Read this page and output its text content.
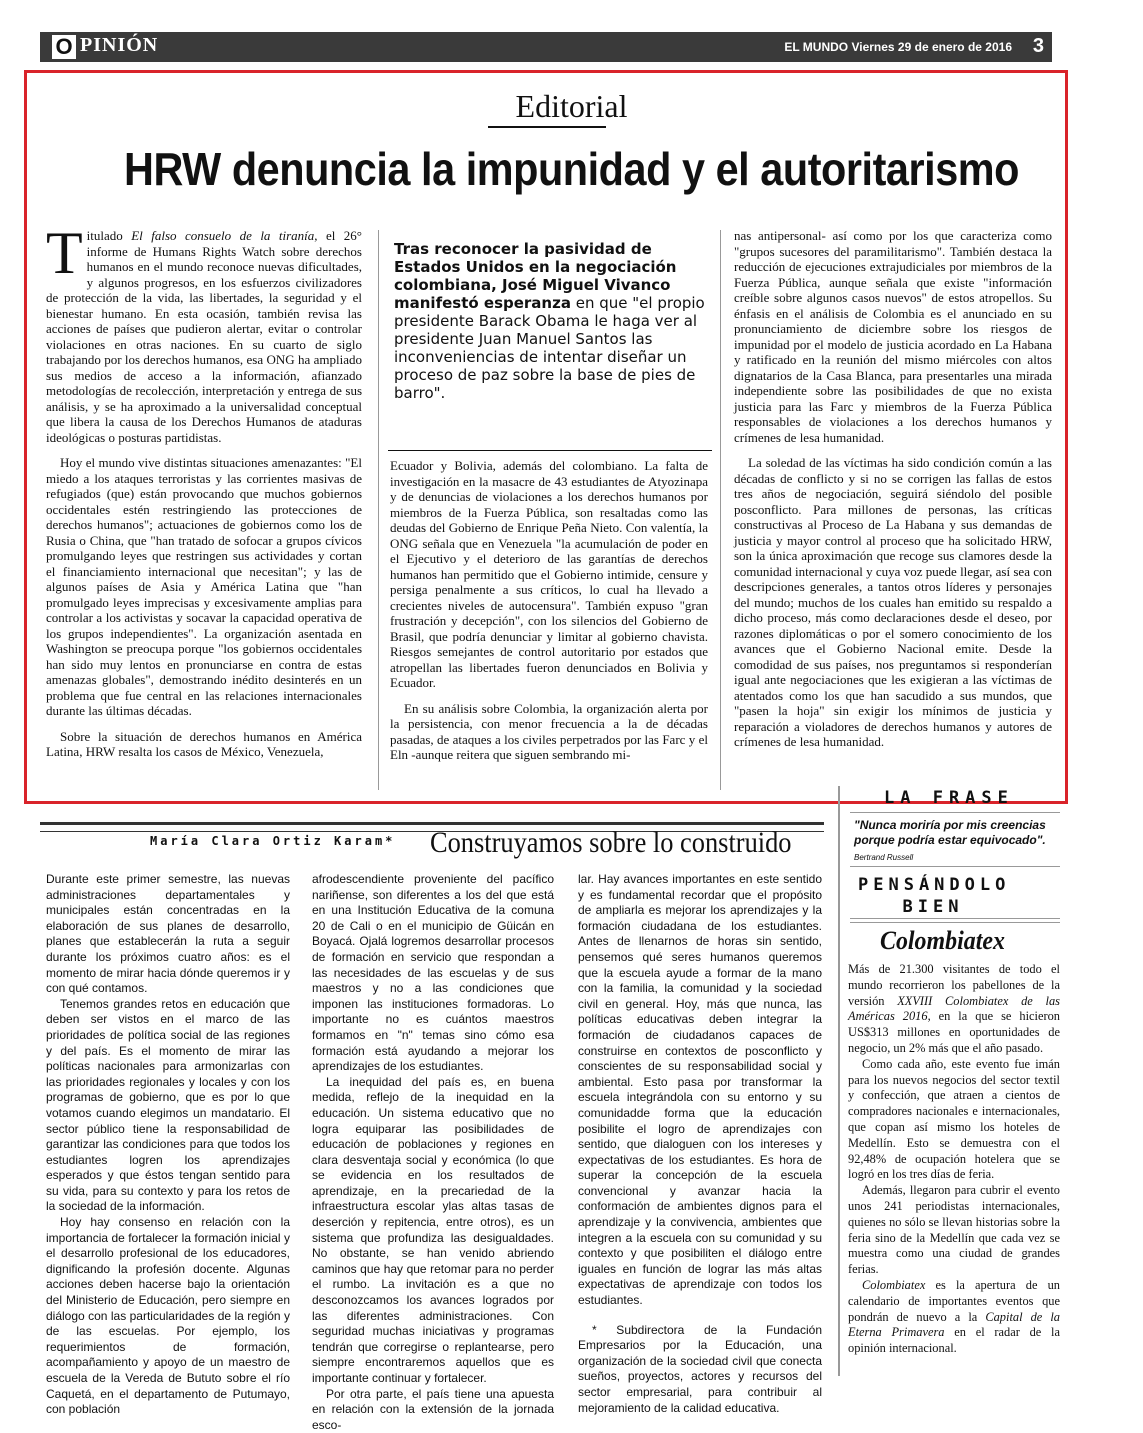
O PINIÓN	EL MUNDO Viernes 29 de enero de 2016 3
Editorial
HRW denuncia la impunidad y el autoritarismo

Titulado El falso consuelo de la tiranía, el 26° informe de Humans Rights Watch sobre derechos humanos en el mundo reconoce nuevas dificultades, y algunos progresos, en los esfuerzos civilizadores de protección de la vida, las libertades, la seguridad y el bienestar humano. En esta ocasión, también revisa las acciones de países que pudieron alertar, evitar o controlar violaciones en otras naciones. En su cuarto de siglo trabajando por los derechos humanos, esa ONG ha ampliado sus medios de acceso a la información, afianzado metodologías de recolección, interpretación y entrega de sus análisis, y se ha aproximado a la universalidad conceptual que libera la causa de los Derechos Humanos de ataduras ideológicas o posturas partidistas.

Hoy el mundo vive distintas situaciones amenazantes: "El miedo a los ataques terroristas y las corrientes masivas de refugiados (que) están provocando que muchos gobiernos occidentales estén restringiendo las protecciones de derechos humanos"; actuaciones de gobiernos como los de Rusia o China, que "han tratado de sofocar a grupos cívicos promulgando leyes que restringen sus actividades y cortan el financiamiento internacional que necesitan"; y las de algunos países de Asia y América Latina que "han promulgado leyes imprecisas y excesivamente amplias para controlar a los activistas y socavar la capacidad operativa de los grupos independientes". La organización asentada en Washington se preocupa porque "los gobiernos occidentales han sido muy lentos en pronunciarse en contra de estas amenazas globales", demostrando inédito desinterés en un problema que fue central en las relaciones internacionales durante las últimas décadas.

Sobre la situación de derechos humanos en América Latina, HRW resalta los casos de México, Venezuela,

Tras reconocer la pasividad de Estados Unidos en la negociación colombiana, José Miguel Vivanco manifestó esperanza en que "el propio presidente Barack Obama le haga ver al presidente Juan Manuel Santos las inconveniencias de intentar diseñar un proceso de paz sobre la base de pies de barro".

Ecuador y Bolivia, además del colombiano. La falta de investigación en la masacre de 43 estudiantes de Atyozinapa y de denuncias de violaciones a los derechos humanos por miembros de la Fuerza Pública, son resaltadas como las deudas del Gobierno de Enrique Peña Nieto. Con valentía, la ONG señala que en Venezuela "la acumulación de poder en el Ejecutivo y el deterioro de las garantías de derechos humanos han permitido que el Gobierno intimide, censure y persiga penalmente a sus críticos, lo cual ha llevado a crecientes niveles de autocensura". También expuso "gran frustración y decepción", con los silencios del Gobierno de Brasil, que podría denunciar y limitar al gobierno chavista. Riesgos semejantes de control autoritario por estados que atropellan las libertades fueron denunciados en Bolivia y Ecuador.

En su análisis sobre Colombia, la organización alerta por la persistencia, con menor frecuencia a la de décadas pasadas, de ataques a los civiles perpetrados por las Farc y el Eln -aunque reitera que siguen sembrando mi-

nas antipersonal- así como por los que caracteriza como "grupos sucesores del paramilitarismo". También destaca la reducción de ejecuciones extrajudiciales por miembros de la Fuerza Pública, aunque señala que existe "información creíble sobre algunos casos nuevos" de estos atropellos. Su énfasis en el análisis de Colombia es el anunciado en su pronunciamiento de diciembre sobre los riesgos de impunidad por el modelo de justicia acordado en La Habana y ratificado en la reunión del mismo miércoles con altos dignatarios de la Casa Blanca, para presentarles una mirada independiente sobre las posibilidades de que no exista justicia para las Farc y miembros de la Fuerza Pública responsables de violaciones a los derechos humanos y crímenes de lesa humanidad.

La soledad de las víctimas ha sido condición común a las décadas de conflicto y si no se corrigen las fallas de estos tres años de negociación, seguirá siéndolo del posible posconflicto. Para millones de personas, las críticas constructivas al Proceso de La Habana y sus demandas de justicia y mayor control al proceso que ha solicitado HRW, son la única aproximación que recoge sus clamores desde la comunidad internacional y cuya voz puede llegar, así sea con descripciones generales, a tantos otros líderes y personajes del mundo; muchos de los cuales han emitido su respaldo a dicho proceso, más como declaraciones desde el deseo, por razones diplomáticas o por el somero conocimiento de los avances que el Gobierno Nacional emite. Desde la comodidad de sus países, nos preguntamos si responderían igual ante negociaciones que les exigieran a las víctimas de atentados como los que han sacudido a sus mundos, que "pasen la hoja" sin exigir los mínimos de justicia y reparación a violadores de derechos humanos y autores de crímenes de lesa humanidad.

María Clara Ortiz Karam* Construyamos sobre lo construido

Durante este primer semestre, las nuevas administraciones departamentales y municipales están concentradas en la elaboración de sus planes de desarrollo, planes que establecerán la ruta a seguir durante los próximos cuatro años: es el momento de mirar hacia dónde queremos ir y con qué contamos.

Tenemos grandes retos en educación que deben ser vistos en el marco de las prioridades de política social de las regiones y del país. Es el momento de mirar las políticas nacionales para armonizarlas con las prioridades regionales y locales y con los programas de gobierno, que es por lo que votamos cuando elegimos un mandatario. El sector público tiene la responsabilidad de garantizar las condiciones para que todos los estudiantes logren los aprendizajes esperados y que éstos tengan sentido para su vida, para su contexto y para los retos de la sociedad de la información.

Hoy hay consenso en relación con la importancia de fortalecer la formación inicial y el desarrollo profesional de los educadores, dignificando la profesión docente. Algunas acciones deben hacerse bajo la orientación del Ministerio de Educación, pero siempre en diálogo con las particularidades de la región y de las escuelas. Por ejemplo, los requerimientos de formación, acompañamiento y apoyo de un maestro de escuela de la Vereda de Bututo sobre el río Caquetá, en el departamento de Putumayo, con población

afrodescendiente proveniente del pacífico nariñense, son diferentes a los del que está en una Institución Educativa de la comuna 20 de Cali o en el municipio de Güicán en Boyacá. Ojalá logremos desarrollar procesos de formación en servicio que respondan a las necesidades de las escuelas y de sus maestros y no a las condiciones que imponen las instituciones formadoras. Lo importante no es cuántos maestros formamos en "n" temas sino cómo esa formación está ayudando a mejorar los aprendizajes de los estudiantes.

La inequidad del país es, en buena medida, reflejo de la inequidad en la educación. Un sistema educativo que no logra equiparar las posibilidades de educación de poblaciones y regiones en clara desventaja social y económica (lo que se evidencia en los resultados de aprendizaje, en la precariedad de la infraestructura escolar ylas altas tasas de deserción y repitencia, entre otros), es un sistema que profundiza las desigualdades. No obstante, se han venido abriendo caminos que hay que retomar para no perder el rumbo. La invitación es a que no desconozcamos los avances logrados por las diferentes administraciones. Con seguridad muchas iniciativas y programas tendrán que corregirse o replantearse, pero siempre encontraremos aquellos que es importante continuar y fortalecer.

Por otra parte, el país tiene una apuesta en relación con la extensión de la jornada esco-

lar. Hay avances importantes en este sentido y es fundamental recordar que el propósito de ampliarla es mejorar los aprendizajes y la formación ciudadana de los estudiantes. Antes de llenarnos de horas sin sentido, pensemos qué seres humanos queremos que la escuela ayude a formar de la mano con la familia, la comunidad y la sociedad civil en general. Hoy, más que nunca, las políticas educativas deben integrar la formación de ciudadanos capaces de construirse en contextos de posconflicto y conscientes de su responsabilidad social y ambiental. Esto pasa por transformar la escuela integrándola con su entorno y su comunidadde forma que la educación posibilite el logro de aprendizajes con sentido, que dialoguen con los intereses y expectativas de los estudiantes. Es hora de superar la concepción de la escuela convencional y avanzar hacia la conformación de ambientes dignos para el aprendizaje y la convivencia, ambientes que integren a la escuela con su comunidad y su contexto y que posibiliten el diálogo entre iguales en función de lograr las más altas expectativas de aprendizaje con todos los estudiantes.

* Subdirectora de la Fundación Empresarios por la Educación, una organización de la sociedad civil que conecta sueños, proyectos, actores y recursos del sector empresarial, para contribuir al mejoramiento de la calidad educativa.

LA FRASE
"Nunca moriría por mis creencias porque podría estar equivocado".
Bertrand Russell
PENSÁNDOLO
BIEN
Colombiatex

Más de 21.300 visitantes de todo el mundo recorrieron los pabellones de la versión XXVIII Colombiatex de las Américas 2016, en la que se hicieron US$313 millones en oportunidades de negocio, un 2% más que el año pasado.

Como cada año, este evento fue imán para los nuevos negocios del sector textil y confección, que atraen a cientos de compradores nacionales e internacionales, que copan así mismo los hoteles de Medellín. Esto se demuestra con el 92,48% de ocupación hotelera que se logró en los tres días de feria.

Además, llegaron para cubrir el evento unos 241 periodistas internacionales, quienes no sólo se llevan historias sobre la feria sino de la Medellín que cada vez se muestra como una ciudad de grandes ferias.

Colombiatex es la apertura de un calendario de importantes eventos que pondrán de nuevo a la Capital de la Eterna Primavera en el radar de la opinión internacional.
